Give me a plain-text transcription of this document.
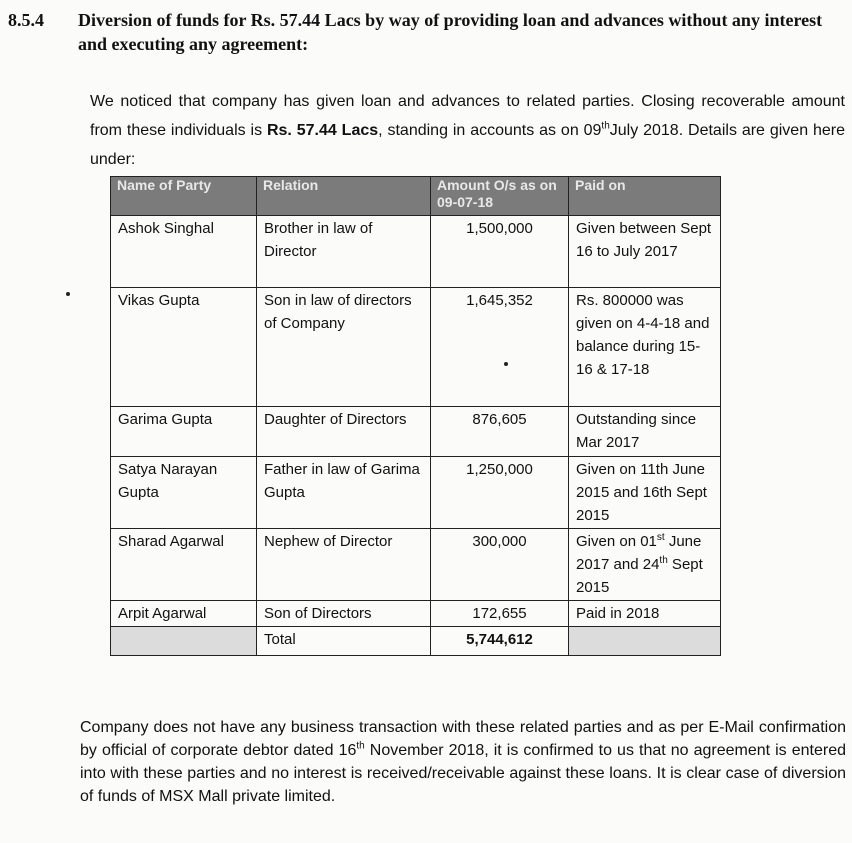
8.5.4 Diversion of funds for Rs. 57.44 Lacs by way of providing loan and advances without any interest and executing any agreement:

We noticed that company has given loan and advances to related parties. Closing recoverable amount from these individuals is Rs. 57.44 Lacs, standing in accounts as on 09thJuly 2018. Details are given here under:

Name of Party	Relation	Amount O/s as on 09-07-18	Paid on
Ashok Singhal	Brother in law of Director	1,500,000	Given between Sept 16 to July 2017
Vikas Gupta	Son in law of directors of Company	1,645,352	Rs. 800000 was given on 4-4-18 and balance during 15-16 & 17-18
Garima Gupta	Daughter of Directors	876,605	Outstanding since Mar 2017
Satya Narayan Gupta	Father in law of Garima Gupta	1,250,000	Given on 11th June 2015 and 16th Sept 2015
Sharad Agarwal	Nephew of Director	300,000	Given on 01st June 2017 and 24th Sept 2015
Arpit Agarwal	Son of Directors	172,655	Paid in 2018
	Total	5,744,612	

Company does not have any business transaction with these related parties and as per E-Mail confirmation by official of corporate debtor dated 16th November 2018, it is confirmed to us that no agreement is entered into with these parties and no interest is received/receivable against these loans. It is clear case of diversion of funds of MSX Mall private limited.
